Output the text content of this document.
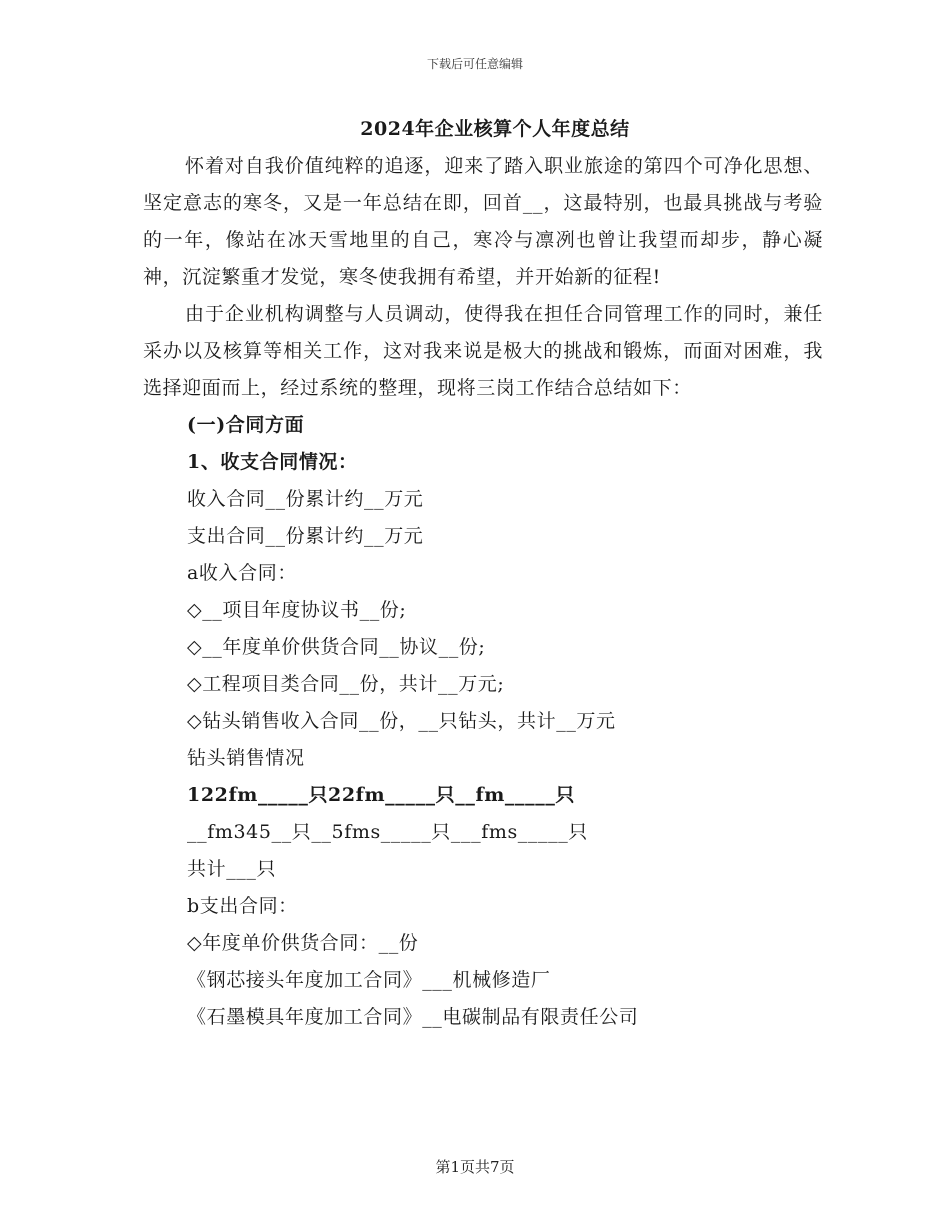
下载后可任意编辑
2024年企业核算个人年度总结

怀着对自我价值纯粹的追逐，迎来了踏入职业旅途的第四个可净化思想、坚定意志的寒冬，又是一年总结在即，回首__，这最特别，也最具挑战与考验的一年，像站在冰天雪地里的自己，寒冷与凛冽也曾让我望而却步，静心凝神，沉淀繁重才发觉，寒冬使我拥有希望，并开始新的征程!

由于企业机构调整与人员调动，使得我在担任合同管理工作的同时，兼任采办以及核算等相关工作，这对我来说是极大的挑战和锻炼，而面对困难，我选择迎面而上，经过系统的整理，现将三岗工作结合总结如下：

(一)合同方面

1、收支合同情况：

收入合同__份累计约__万元

支出合同__份累计约__万元

a收入合同：

◇__项目年度协议书__份;

◇__年度单价供货合同__协议__份;

◇工程项目类合同__份，共计__万元;

◇钻头销售收入合同__份，__只钻头，共计__万元

钻头销售情况

122fm_____只22fm_____只__fm_____只

__fm345__只__5fms_____只___fms_____只

共计___只

b支出合同：

◇年度单价供货合同：__份

《钢芯接头年度加工合同》___机械修造厂

《石墨模具年度加工合同》__电碳制品有限责任公司

第1页共7页
